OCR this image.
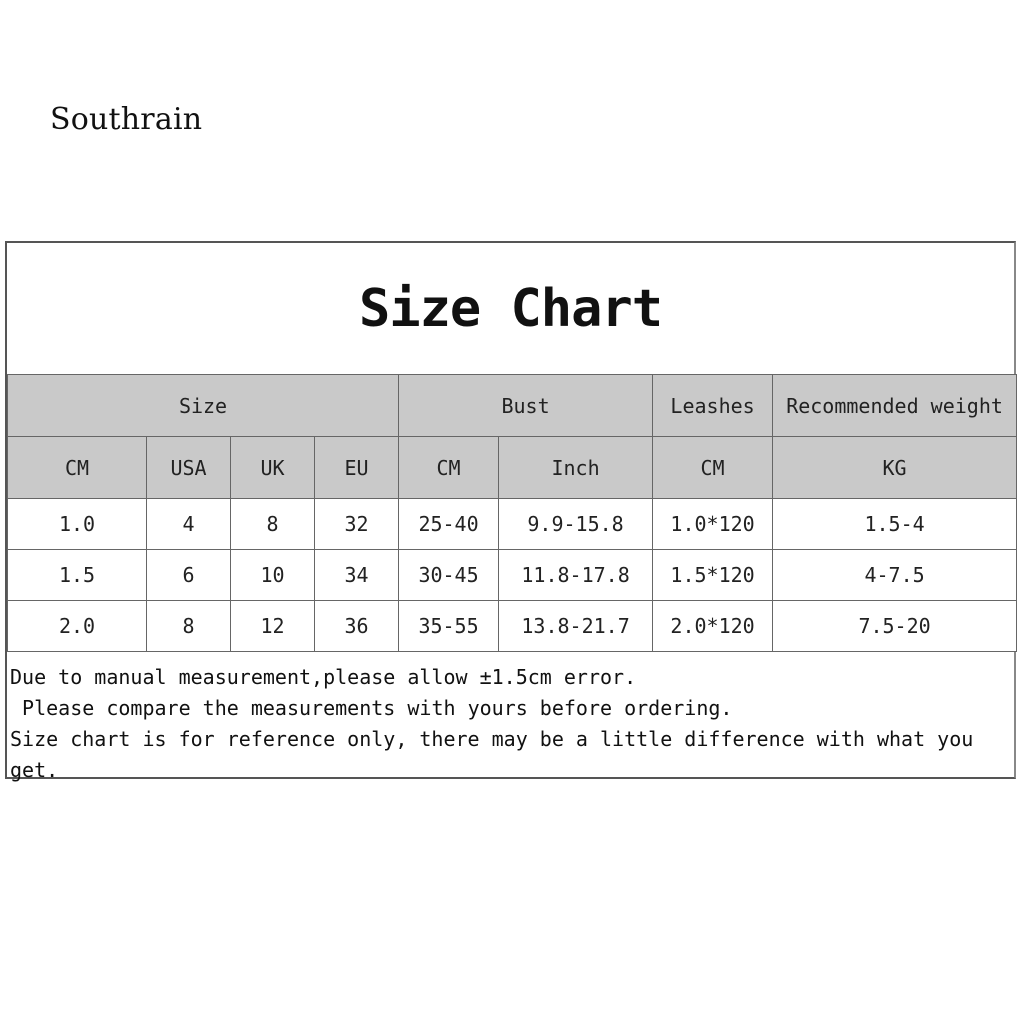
Southrain
Size Chart
Size				Bust		Leashes	Recommended weight
CM	USA	UK	EU	CM	Inch	CM	KG
1.0	4	8	32	25-40	9.9-15.8	1.0*120	1.5-4
1.5	6	10	34	30-45	11.8-17.8	1.5*120	4-7.5
2.0	8	12	36	35-55	13.8-21.7	2.0*120	7.5-20
Due to manual measurement,please allow ±1.5cm error.
Please compare the measurements with yours before ordering.
Size chart is for reference only, there may be a little difference with what you get.
